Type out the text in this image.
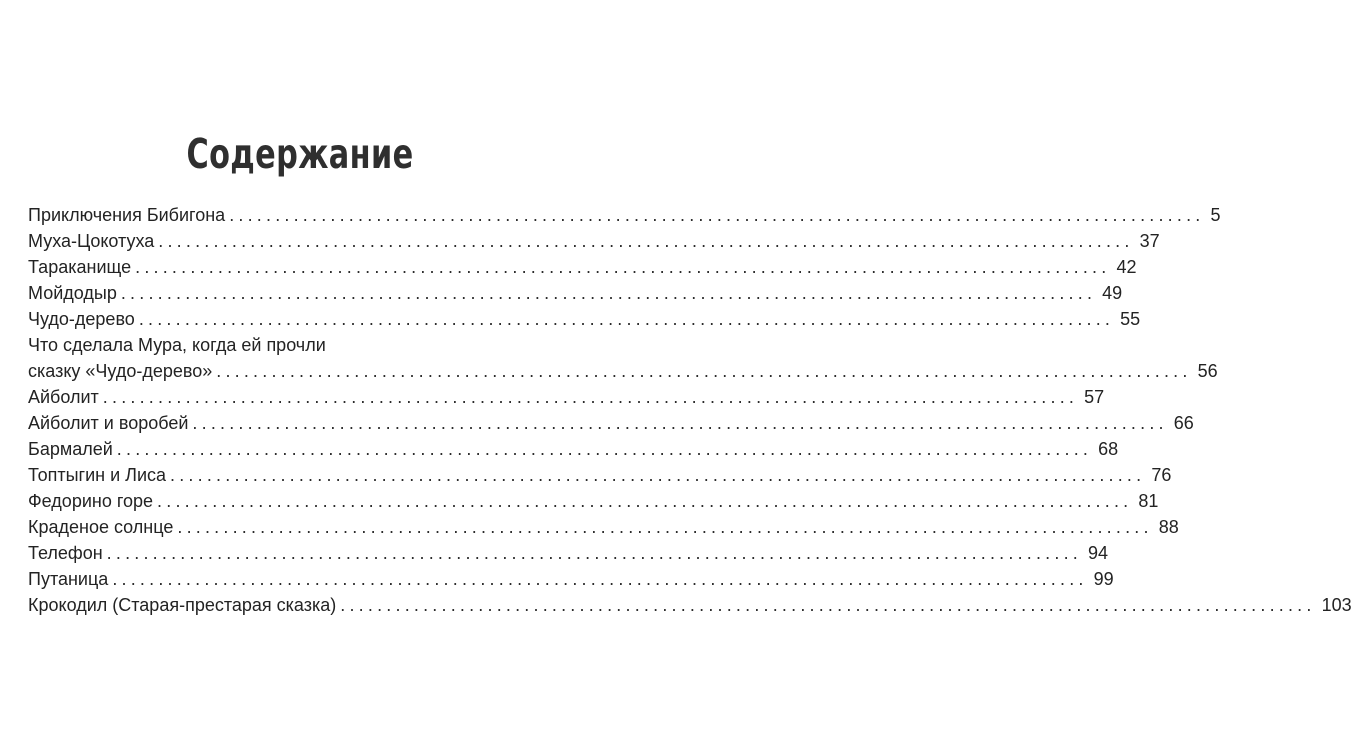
Содержание
Приключения Бибигона .......................................................................................................... 5
Муха-Цокотуха .......................................................................................................... 37
Тараканище .......................................................................................................... 42
Мойдодыр .......................................................................................................... 49
Чудо-дерево .......................................................................................................... 55
Что сделала Мура, когда ей прочли
сказку «Чудо-дерево» .......................................................................................................... 56
Айболит .......................................................................................................... 57
Айболит и воробей .......................................................................................................... 66
Бармалей .......................................................................................................... 68
Топтыгин и Лиса .......................................................................................................... 76
Федорино горе .......................................................................................................... 81
Краденое солнце .......................................................................................................... 88
Телефон .......................................................................................................... 94
Путаница .......................................................................................................... 99
Крокодил (Старая-престарая сказка) .......................................................................................................... 103
